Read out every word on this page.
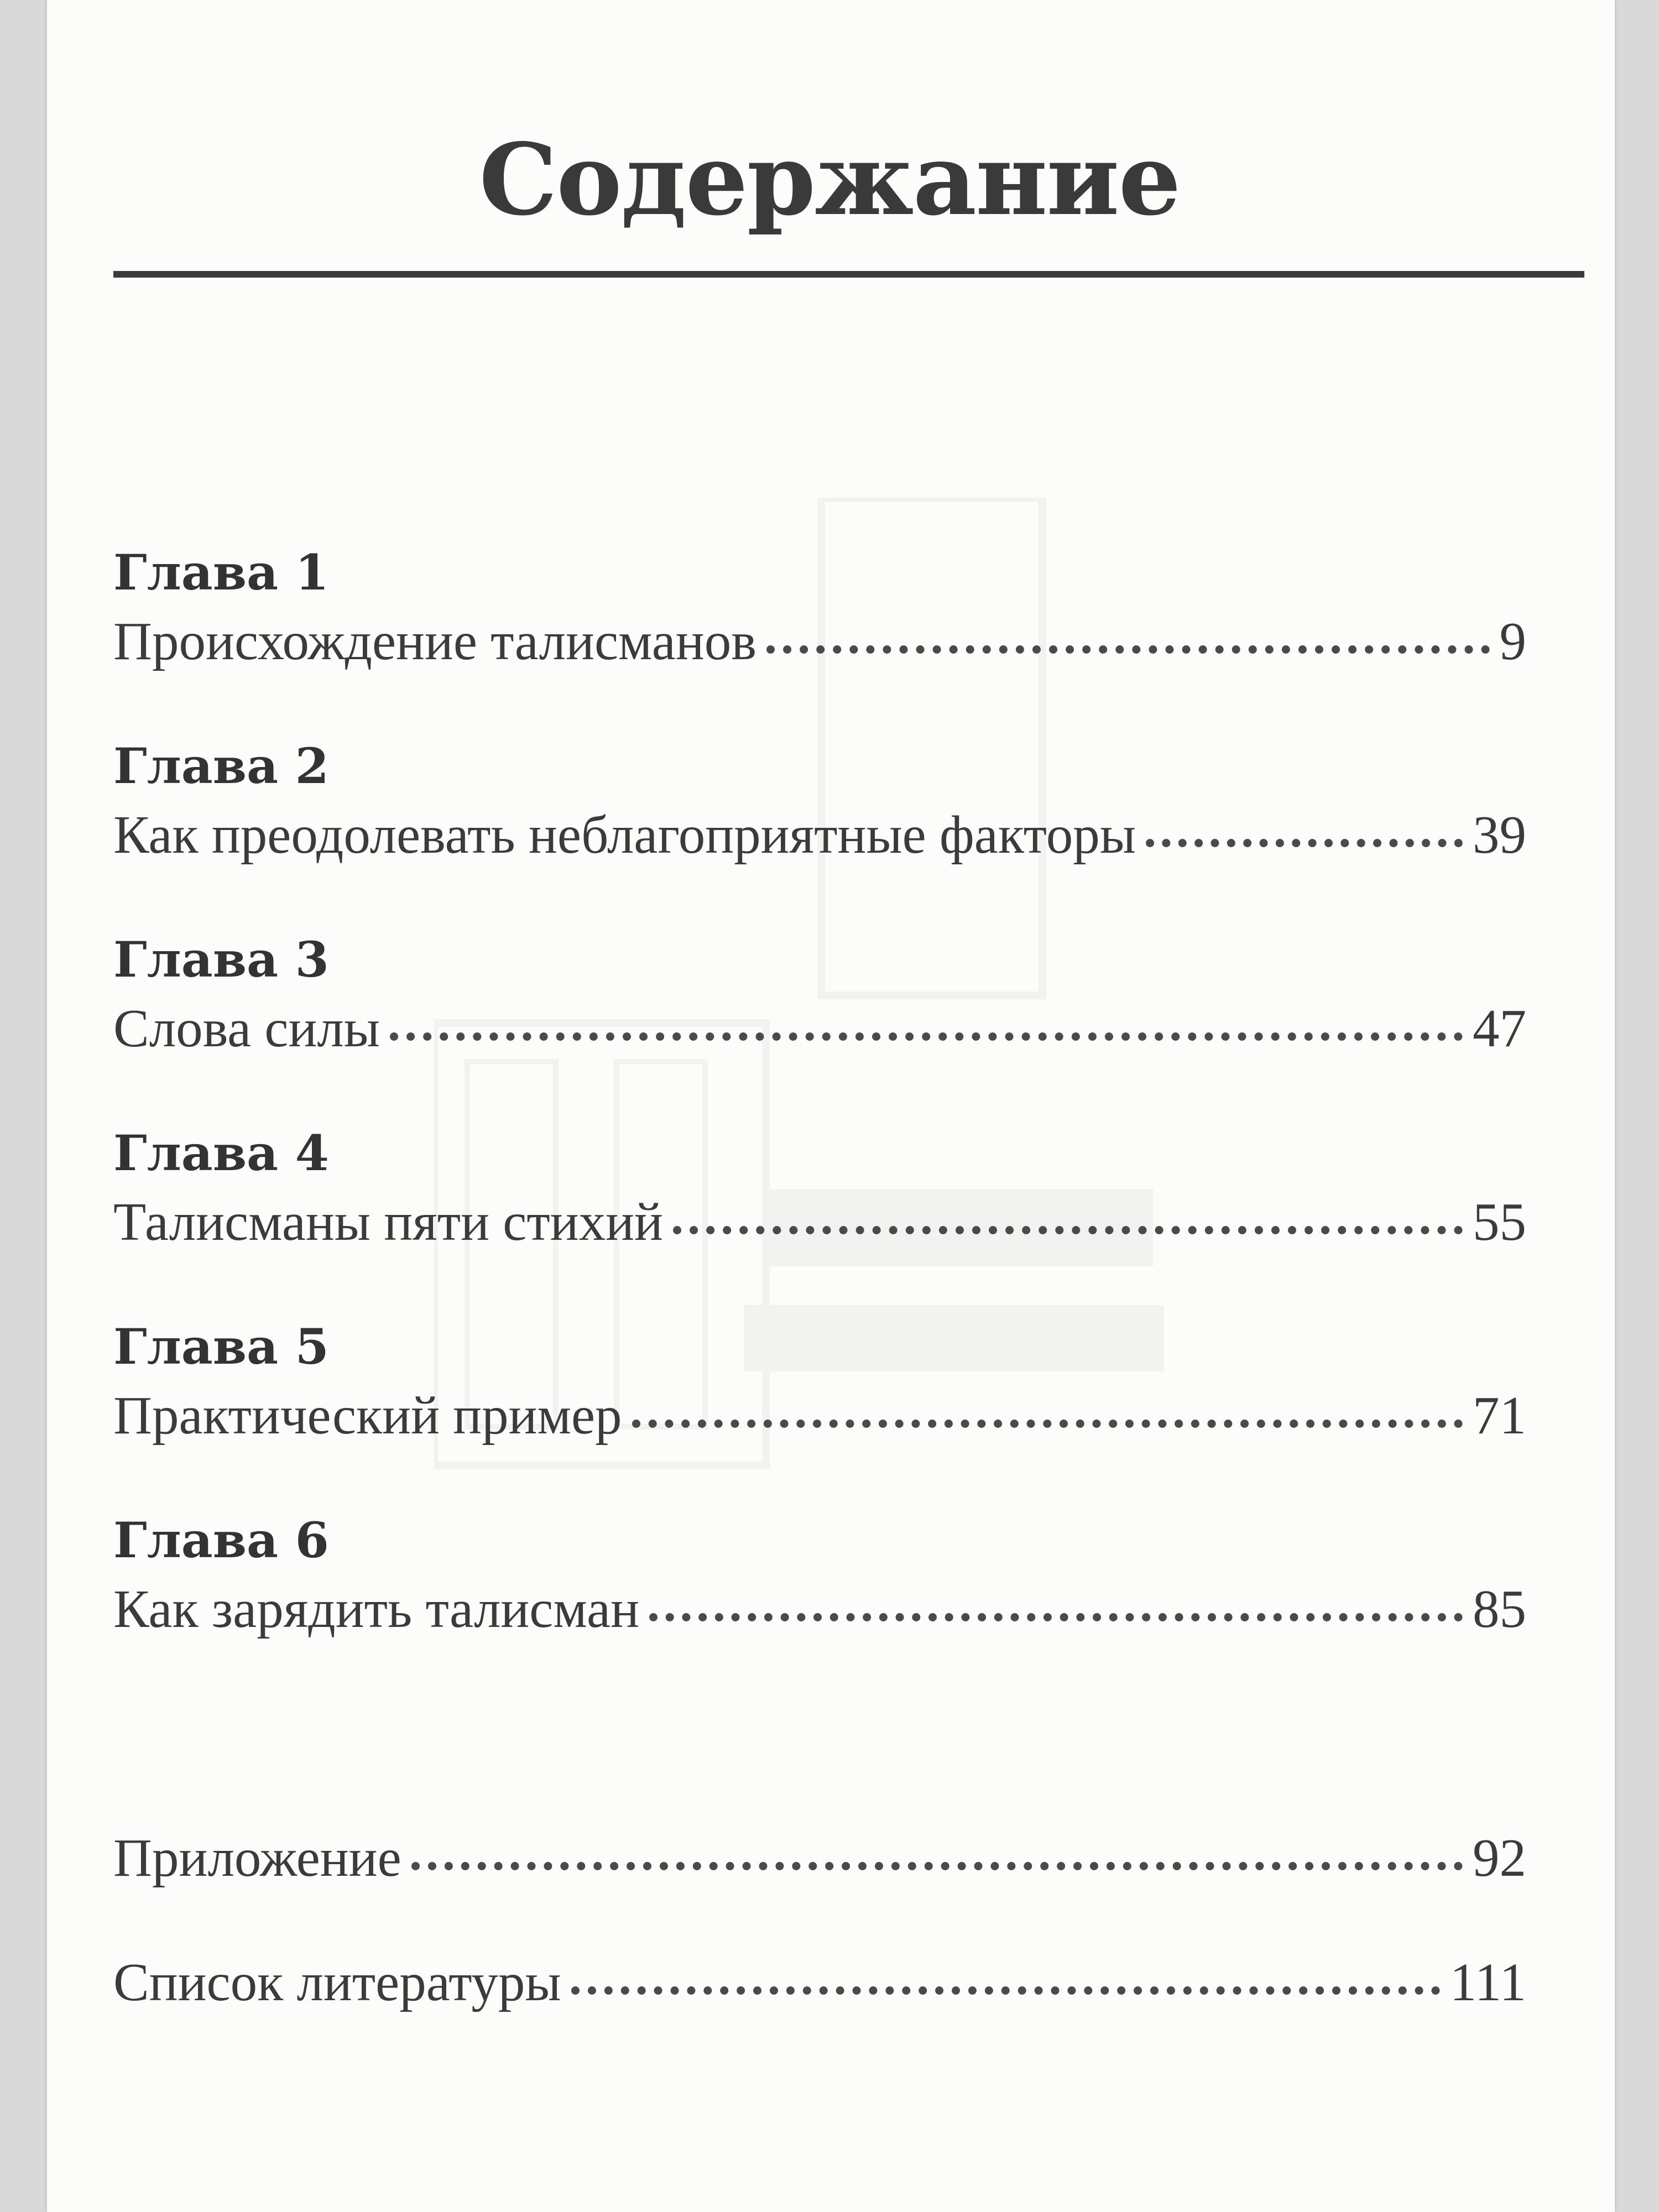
Содержание
Глава 1
Происхождение талисманов	9
Глава 2
Как преодолевать неблагоприятные факторы	39
Глава 3
Слова силы	47
Глава 4
Талисманы пяти стихий	55
Глава 5
Практический пример	71
Глава 6
Как зарядить талисман	85
Приложение	92
Список литературы	111
